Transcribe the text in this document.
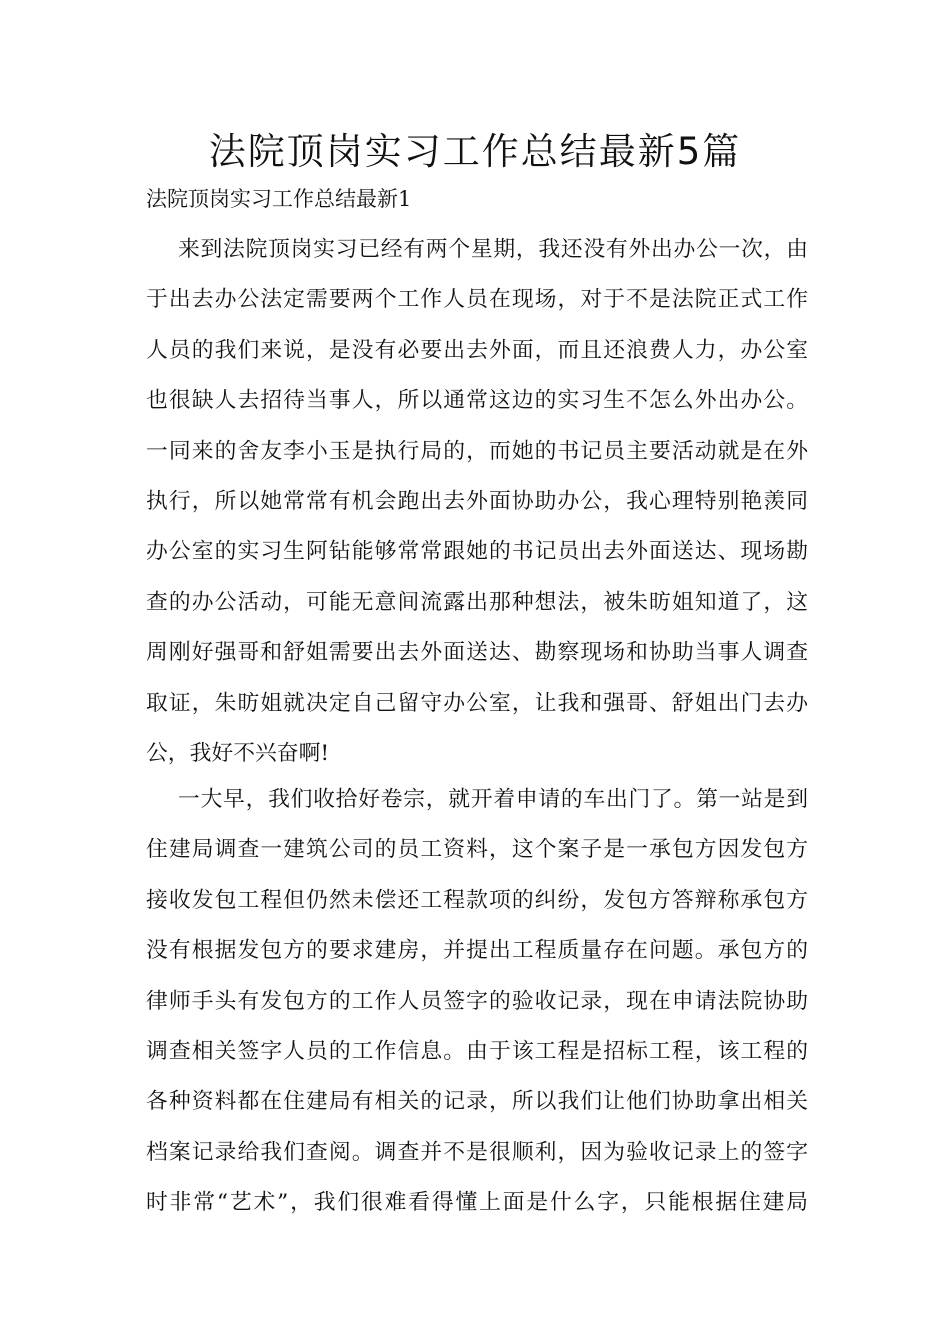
法院顶岗实习工作总结最新5篇
法院顶岗实习工作总结最新1
来到法院顶岗实习已经有两个星期，我还没有外出办公一次，由
于出去办公法定需要两个工作人员在现场，对于不是法院正式工作
人员的我们来说，是没有必要出去外面，而且还浪费人力，办公室
也很缺人去招待当事人，所以通常这边的实习生不怎么外出办公。
一同来的舍友李小玉是执行局的，而她的书记员主要活动就是在外
执行，所以她常常有机会跑出去外面协助办公，我心理特别艳羡同
办公室的实习生阿钻能够常常跟她的书记员出去外面送达、现场勘
查的办公活动，可能无意间流露出那种想法，被朱昉姐知道了，这
周刚好强哥和舒姐需要出去外面送达、勘察现场和协助当事人调查
取证，朱昉姐就决定自己留守办公室，让我和强哥、舒姐出门去办
公，我好不兴奋啊!
一大早，我们收拾好卷宗，就开着申请的车出门了。第一站是到
住建局调查一建筑公司的员工资料，这个案子是一承包方因发包方
接收发包工程但仍然未偿还工程款项的纠纷，发包方答辩称承包方
没有根据发包方的要求建房，并提出工程质量存在问题。承包方的
律师手头有发包方的工作人员签字的验收记录，现在申请法院协助
调查相关签字人员的工作信息。由于该工程是招标工程，该工程的
各种资料都在住建局有相关的记录，所以我们让他们协助拿出相关
档案记录给我们查阅。调查并不是很顺利，因为验收记录上的签字
时非常“艺术”，我们很难看得懂上面是什么字，只能根据住建局
